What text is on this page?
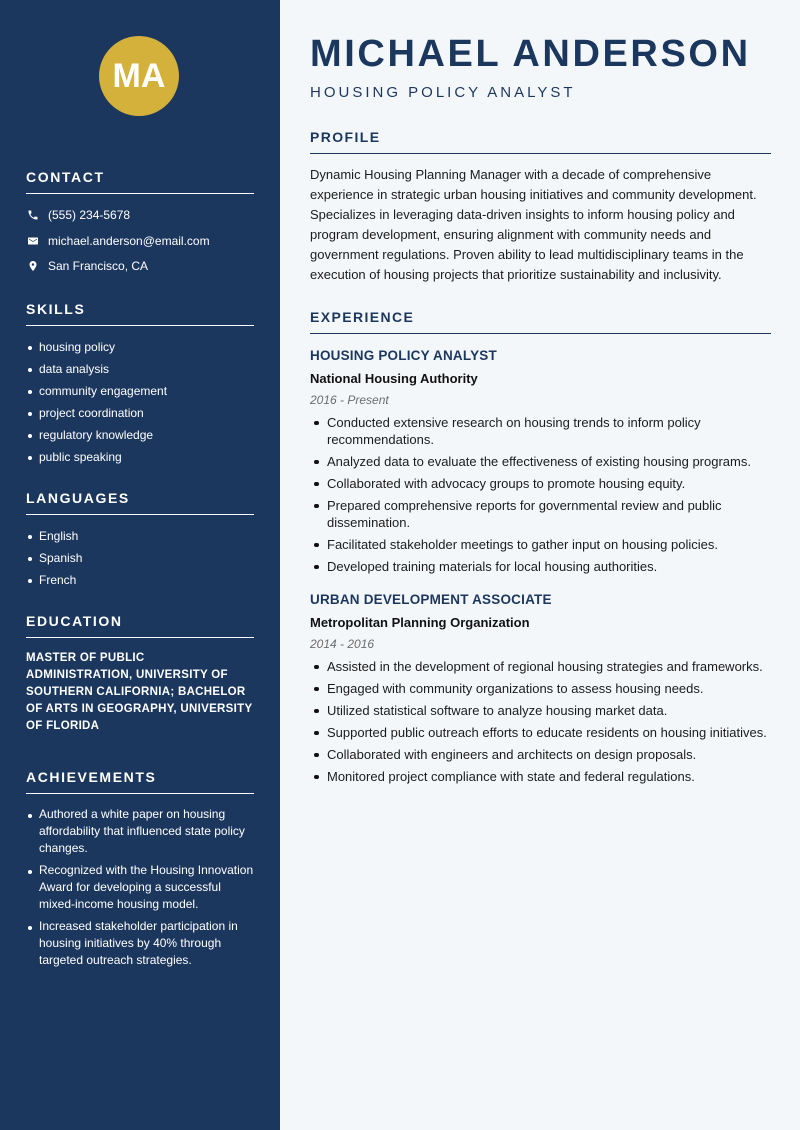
MA
CONTACT
(555) 234-5678
michael.anderson@email.com
San Francisco, CA
SKILLS
housing policy
data analysis
community engagement
project coordination
regulatory knowledge
public speaking
LANGUAGES
English
Spanish
French
EDUCATION
MASTER OF PUBLIC ADMINISTRATION, UNIVERSITY OF SOUTHERN CALIFORNIA; BACHELOR OF ARTS IN GEOGRAPHY, UNIVERSITY OF FLORIDA
ACHIEVEMENTS
Authored a white paper on housing affordability that influenced state policy changes.
Recognized with the Housing Innovation Award for developing a successful mixed-income housing model.
Increased stakeholder participation in housing initiatives by 40% through targeted outreach strategies.
MICHAEL ANDERSON
HOUSING POLICY ANALYST
PROFILE

Dynamic Housing Planning Manager with a decade of comprehensive experience in strategic urban housing initiatives and community development. Specializes in leveraging data-driven insights to inform housing policy and program development, ensuring alignment with community needs and government regulations. Proven ability to lead multidisciplinary teams in the execution of housing projects that prioritize sustainability and inclusivity.

EXPERIENCE
HOUSING POLICY ANALYST
National Housing Authority
2016 - Present
Conducted extensive research on housing trends to inform policy recommendations.
Analyzed data to evaluate the effectiveness of existing housing programs.
Collaborated with advocacy groups to promote housing equity.
Prepared comprehensive reports for governmental review and public dissemination.
Facilitated stakeholder meetings to gather input on housing policies.
Developed training materials for local housing authorities.
URBAN DEVELOPMENT ASSOCIATE
Metropolitan Planning Organization
2014 - 2016
Assisted in the development of regional housing strategies and frameworks.
Engaged with community organizations to assess housing needs.
Utilized statistical software to analyze housing market data.
Supported public outreach efforts to educate residents on housing initiatives.
Collaborated with engineers and architects on design proposals.
Monitored project compliance with state and federal regulations.
